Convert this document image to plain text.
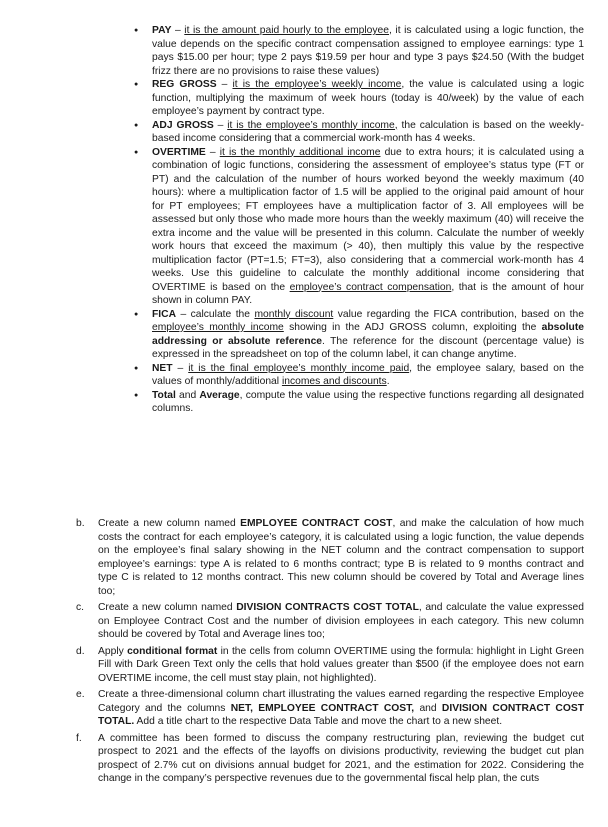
● PAY – it is the amount paid hourly to the employee, it is calculated using a logic function, the value depends on the specific contract compensation assigned to employee earnings: type 1 pays $15.00 per hour; type 2 pays $19.59 per hour and type 3 pays $24.50 (With the budget frizz there are no provisions to raise these values)
● REG GROSS – it is the employee’s weekly income, the value is calculated using a logic function, multiplying the maximum of week hours (today is 40/week) by the value of each employee’s payment by contract type.
● ADJ GROSS – it is the employee’s monthly income, the calculation is based on the weekly-based income considering that a commercial work-month has 4 weeks.
● OVERTIME – it is the monthly additional income due to extra hours; it is calculated using a combination of logic functions, considering the assessment of employee’s status type (FT or PT) and the calculation of the number of hours worked beyond the weekly maximum (40 hours): where a multiplication factor of 1.5 will be applied to the original paid amount of hour for PT employees; FT employees have a multiplication factor of 3. All employees will be assessed but only those who made more hours than the weekly maximum (40) will receive the extra income and the value will be presented in this column. Calculate the number of weekly work hours that exceed the maximum (> 40), then multiply this value by the respective multiplication factor (PT=1.5; FT=3), also considering that a commercial work-month has 4 weeks. Use this guideline to calculate the monthly additional income considering that OVERTIME is based on the employee’s contract compensation, that is the amount of hour shown in column PAY.
● FICA – calculate the monthly discount value regarding the FICA contribution, based on the employee’s monthly income showing in the ADJ GROSS column, exploiting the absolute addressing or absolute reference. The reference for the discount (percentage value) is expressed in the spreadsheet on top of the column label, it can change anytime.
● NET – it is the final employee’s monthly income paid, the employee salary, based on the values of monthly/additional incomes and discounts.
● Total and Average, compute the value using the respective functions regarding all designated columns.
b. Create a new column named EMPLOYEE CONTRACT COST, and make the calculation of how much costs the contract for each employee’s category, it is calculated using a logic function, the value depends on the employee’s final salary showing in the NET column and the contract compensation to support employee’s earnings: type A is related to 6 months contract; type B is related to 9 months contract and type C is related to 12 months contract. This new column should be covered by Total and Average lines too;
c. Create a new column named DIVISION CONTRACTS COST TOTAL, and calculate the value expressed on Employee Contract Cost and the number of division employees in each category. This new column should be covered by Total and Average lines too;
d. Apply conditional format in the cells from column OVERTIME using the formula: highlight in Light Green Fill with Dark Green Text only the cells that hold values greater than $500 (if the employee does not earn OVERTIME income, the cell must stay plain, not highlighted).
e. Create a three-dimensional column chart illustrating the values earned regarding the respective Employee Category and the columns NET, EMPLOYEE CONTRACT COST, and DIVISION CONTRACT COST TOTAL. Add a title chart to the respective Data Table and move the chart to a new sheet.
f. A committee has been formed to discuss the company restructuring plan, reviewing the budget cut prospect to 2021 and the effects of the layoffs on divisions productivity, reviewing the budget cut plan prospect of 2.7% cut on divisions annual budget for 2021, and the estimation for 2022. Considering the change in the company’s perspective revenues due to the governmental fiscal help plan, the cuts
